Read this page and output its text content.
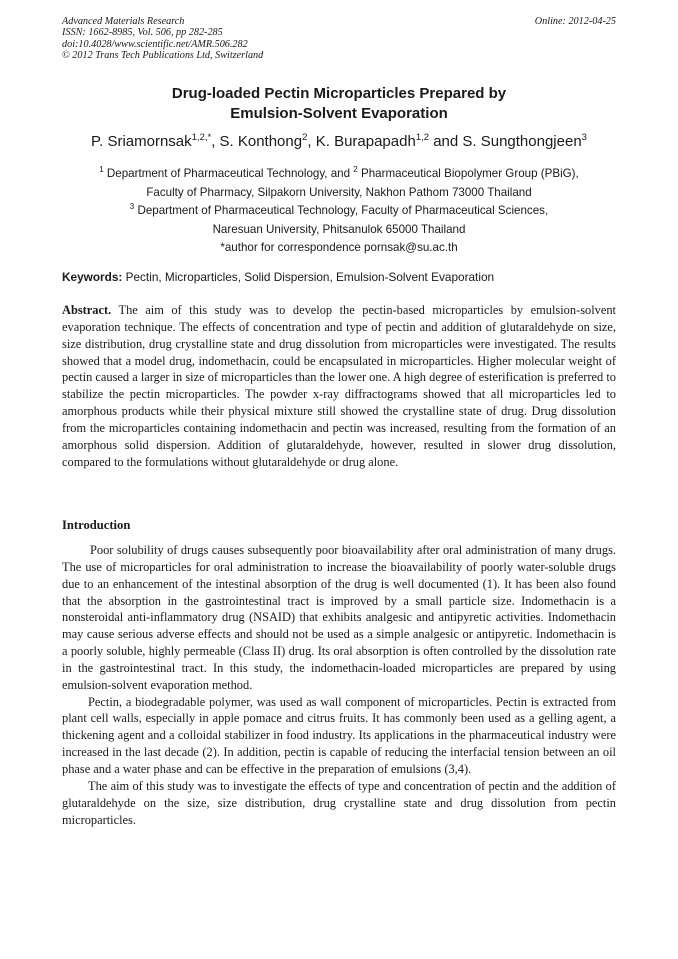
Advanced Materials Research
ISSN: 1662-8985, Vol. 506, pp 282-285
doi:10.4028/www.scientific.net/AMR.506.282
© 2012 Trans Tech Publications Ltd, Switzerland
Online: 2012-04-25
Drug-loaded Pectin Microparticles Prepared by
Emulsion-Solvent Evaporation
P. Sriamornsak$^{1,2,*}$, S. Konthong$^2$, K. Burapapadh$^{1,2}$ and S. Sungthongjeen$^3$
$^1$ Department of Pharmaceutical Technology, and $^2$ Pharmaceutical Biopolymer Group (PBiG),
Faculty of Pharmacy, Silpakorn University, Nakhon Pathom 73000 Thailand
$^3$ Department of Pharmaceutical Technology, Faculty of Pharmaceutical Sciences,
Naresuan University, Phitsanulok 65000 Thailand
*author for correspondence pornsak@su.ac.th
Keywords: Pectin, Microparticles, Solid Dispersion, Emulsion-Solvent Evaporation
Abstract. The aim of this study was to develop the pectin-based microparticles by emulsion-solvent evaporation technique. The effects of concentration and type of pectin and addition of glutaraldehyde on size, size distribution, drug crystalline state and drug dissolution from microparticles were investigated. The results showed that a model drug, indomethacin, could be encapsulated in microparticles. Higher molecular weight of pectin caused a larger in size of microparticles than the lower one. A high degree of esterification is preferred to stabilize the pectin microparticles. The powder x-ray diffractograms showed that all microparticles led to amorphous products while their physical mixture still showed the crystalline state of drug. Drug dissolution from the microparticles containing indomethacin and pectin was increased, resulting from the formation of an amorphous solid dispersion. Addition of glutaraldehyde, however, resulted in slower drug dissolution, compared to the formulations without glutaraldehyde or drug alone.
Introduction

Poor solubility of drugs causes subsequently poor bioavailability after oral administration of many drugs. The use of microparticles for oral administration to increase the bioavailability of poorly water-soluble drugs due to an enhancement of the intestinal absorption of the drug is well documented (1). It has been also found that the absorption in the gastrointestinal tract is improved by a small particle size. Indomethacin is a nonsteroidal anti-inflammatory drug (NSAID) that exhibits analgesic and antipyretic activities. Indomethacin may cause serious adverse effects and should not be used as a simple analgesic or antipyretic. Indomethacin is a poorly soluble, highly permeable (Class II) drug. Its oral absorption is often controlled by the dissolution rate in the gastrointestinal tract. In this study, the indomethacin-loaded microparticles are prepared by using emulsion-solvent evaporation method.

Pectin, a biodegradable polymer, was used as wall component of microparticles. Pectin is extracted from plant cell walls, especially in apple pomace and citrus fruits. It has commonly been used as a gelling agent, a thickening agent and a colloidal stabilizer in food industry. Its applications in the pharmaceutical industry were increased in the last decade (2). In addition, pectin is capable of reducing the interfacial tension between an oil phase and a water phase and can be effective in the preparation of emulsions (3,4).

The aim of this study was to investigate the effects of type and concentration of pectin and the addition of glutaraldehyde on the size, size distribution, drug crystalline state and drug dissolution from pectin microparticles.
